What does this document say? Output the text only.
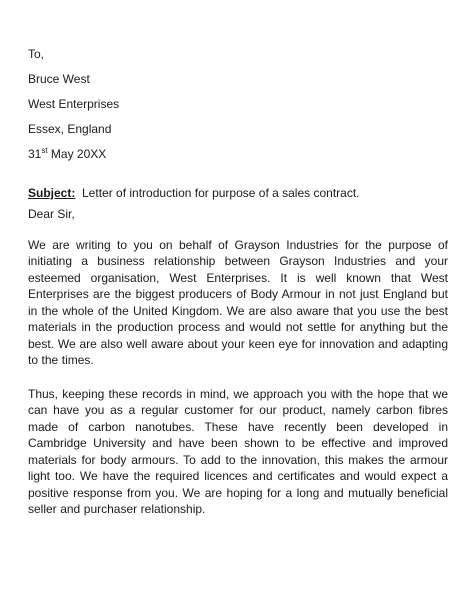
To,
Bruce West
West Enterprises
Essex, England
31st May 20XX
Subject:  Letter of introduction for purpose of a sales contract.
Dear Sir,

We are writing to you on behalf of Grayson Industries for the purpose of initiating a business relationship between Grayson Industries and your esteemed organisation, West Enterprises. It is well known that West Enterprises are the biggest producers of Body Armour in not just England but in the whole of the United Kingdom. We are also aware that you use the best materials in the production process and would not settle for anything but the best. We are also well aware about your keen eye for innovation and adapting to the times.

Thus, keeping these records in mind, we approach you with the hope that we can have you as a regular customer for our product, namely carbon fibres made of carbon nanotubes. These have recently been developed in Cambridge University and have been shown to be effective and improved materials for body armours. To add to the innovation, this makes the armour light too. We have the required licences and certificates and would expect a positive response from you. We are hoping for a long and mutually beneficial seller and purchaser relationship.
